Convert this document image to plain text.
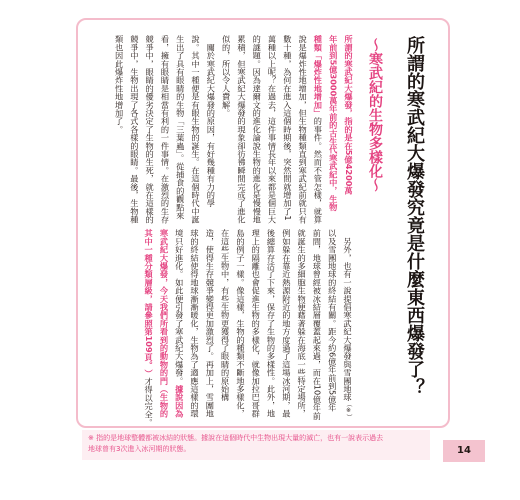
所謂的寒武紀大爆發究竟是什麼東西爆發了？
〜寒武紀的生物多樣化〜
所謂的寒武紀大爆發，指的是在5億4200萬
年前到5億3000萬年前的古生代寒武紀中，生物
種類「爆炸性地增加」的事件。然而不管怎樣，就算
說是爆炸性地增加，但生物種類直到寒武紀前就只有
數十種，為何在進入這個時期後，突然間就增加了1
萬種以上呢？在過去，這件事情長年以來都是個巨大
的謎題。因為達爾文的進化論說生物的進化是慢慢地
累積，但寒武紀大爆發的現象卻彷彿瞬間完成了進化
似的，所以令人費解。
　關於寒武紀大爆發的原因，有好幾種有力的學
說。其中一種便是有眼生物的誕生。在這個時代中誕
生出了具有眼睛的生物「三葉蟲」。從捕食的觀點來
看，擁有眼睛是相當有利的一件事情。在激烈的生存
競爭中，眼睛的優劣決定了生物的生死，就在這樣的
競爭中，生物出現了各式各樣的眼睛。最後，生物種
類也因此爆炸性地增加了。
　另外，也有一說提倡寒武紀大爆發與雪團地球（※）
以及雪團地球的終結有關。距今約6億年前到5億年
前間，地球曾經被冰結層覆蓋起來過，而在10億年前
就誕生的多細胞生物便藉著躲在海底一些特定場所，
例如躲在靠近熱源附近的地方度過了這場冰河期，最
後總算存活了下來，保存了生物的多樣性。此外，地
理上的隔離也會促進生物的多樣化，就像加拉巴哥群
島的例子一樣。像這樣，生物的種類不斷地多樣化，
在這些生物中，有些生物更獲得了眼睛的原始構
造，使得生存競爭變得更加激烈了。再加上，雪團地
球的終結使得地球漸漸暖化，生物為了適應這樣的環
境只好進化。如此便引發了寒武紀大爆發。據說因為
寒武紀大爆發，今天我們所看到的動物的門（生物的
其中一種分類層級，請參照第109頁。）才得以完全。
※ 指的是地球整體都被冰結的狀態。據說在這個時代中生物出現大量的滅亡，也有一說表示過去
地球曾有3次進入冰河期的狀態。	14
